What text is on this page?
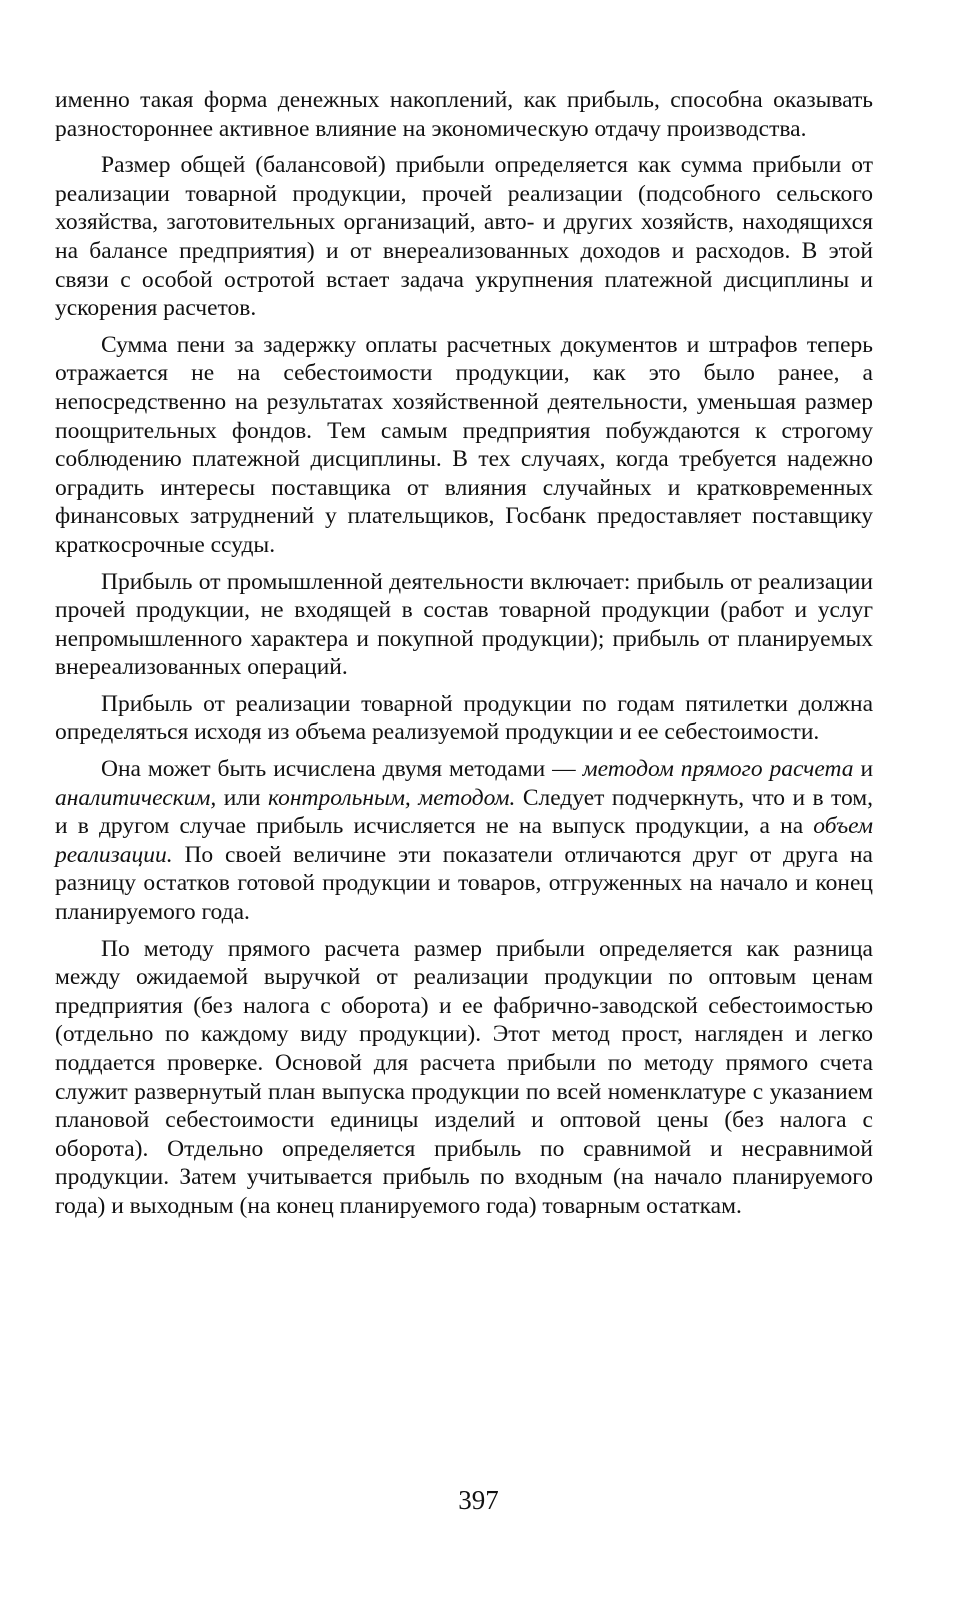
именно такая форма денежных накоплений, как прибыль, способна оказывать разностороннее активное влияние на экономическую отдачу производства.

Размер общей (балансовой) прибыли определяется как сумма прибыли от реализации товарной продукции, прочей реализации (подсобного сельского хозяйства, заготовительных организаций, авто- и других хозяйств, находящихся на балансе предприятия) и от внереализованных доходов и расходов. В этой связи с особой остротой встает задача укрупнения платежной дисциплины и ускорения расчетов.

Сумма пени за задержку оплаты расчетных документов и штрафов теперь отражается не на себестоимости продукции, как это было ранее, а непосредственно на результатах хозяйственной деятельности, уменьшая размер поощрительных фондов. Тем самым предприятия побуждаются к строгому соблюдению платежной дисциплины. В тех случаях, когда требуется надежно оградить интересы поставщика от влияния случайных и кратковременных финансовых затруднений у плательщиков, Госбанк предоставляет поставщику краткосрочные ссуды.

Прибыль от промышленной деятельности включает: прибыль от реализации прочей продукции, не входящей в состав товарной продукции (работ и услуг непромышленного характера и покупной продукции); прибыль от планируемых внереализованных операций.

Прибыль от реализации товарной продукции по годам пятилетки должна определяться исходя из объема реализуемой продукции и ее себестоимости.

Она может быть исчислена двумя методами — методом прямого расчета и аналитическим, или контрольным, методом. Следует подчеркнуть, что и в том, и в другом случае прибыль исчисляется не на выпуск продукции, а на объем реализации. По своей величине эти показатели отличаются друг от друга на разницу остатков готовой продукции и товаров, отгруженных на начало и конец планируемого года.

По методу прямого расчета размер прибыли определяется как разница между ожидаемой выручкой от реализации продукции по оптовым ценам предприятия (без налога с оборота) и ее фабрично-заводской себестоимостью (отдельно по каждому виду продукции). Этот метод прост, нагляден и легко поддается проверке. Основой для расчета прибыли по методу прямого счета служит развернутый план выпуска продукции по всей номенклатуре с указанием плановой себестоимости единицы изделий и оптовой цены (без налога с оборота). Отдельно определяется прибыль по сравнимой и несравнимой продукции. Затем учитывается прибыль по входным (на начало планируемого года) и выходным (на конец планируемого года) товарным остаткам.

397
